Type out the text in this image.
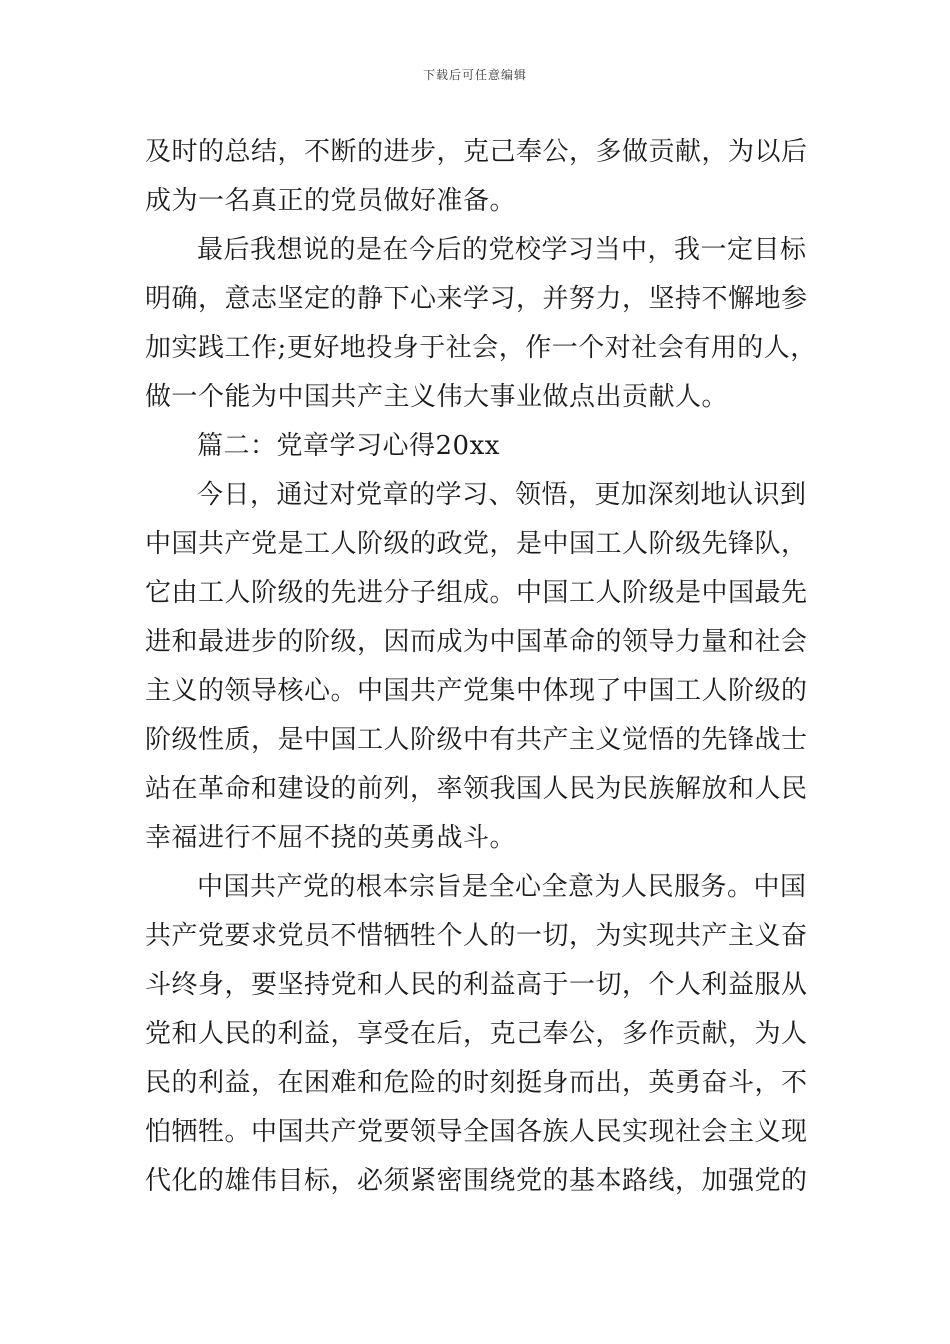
下载后可任意编辑
及时的总结，不断的进步，克己奉公，多做贡献，为以后
成为一名真正的党员做好准备。
最后我想说的是在今后的党校学习当中，我一定目标
明确，意志坚定的静下心来学习，并努力，坚持不懈地参
加实践工作;更好地投身于社会，作一个对社会有用的人，
做一个能为中国共产主义伟大事业做点出贡献人。
篇二：党章学习心得20xx
今日，通过对党章的学习、领悟，更加深刻地认识到
中国共产党是工人阶级的政党，是中国工人阶级先锋队，
它由工人阶级的先进分子组成。中国工人阶级是中国最先
进和最进步的阶级，因而成为中国革命的领导力量和社会
主义的领导核心。中国共产党集中体现了中国工人阶级的
阶级性质，是中国工人阶级中有共产主义觉悟的先锋战士
站在革命和建设的前列，率领我国人民为民族解放和人民
幸福进行不屈不挠的英勇战斗。
中国共产党的根本宗旨是全心全意为人民服务。中国
共产党要求党员不惜牺牲个人的一切，为实现共产主义奋
斗终身，要坚持党和人民的利益高于一切，个人利益服从
党和人民的利益，享受在后，克己奉公，多作贡献，为人
民的利益，在困难和危险的时刻挺身而出，英勇奋斗，不
怕牺牲。中国共产党要领导全国各族人民实现社会主义现
代化的雄伟目标，必须紧密围绕党的基本路线，加强党的
